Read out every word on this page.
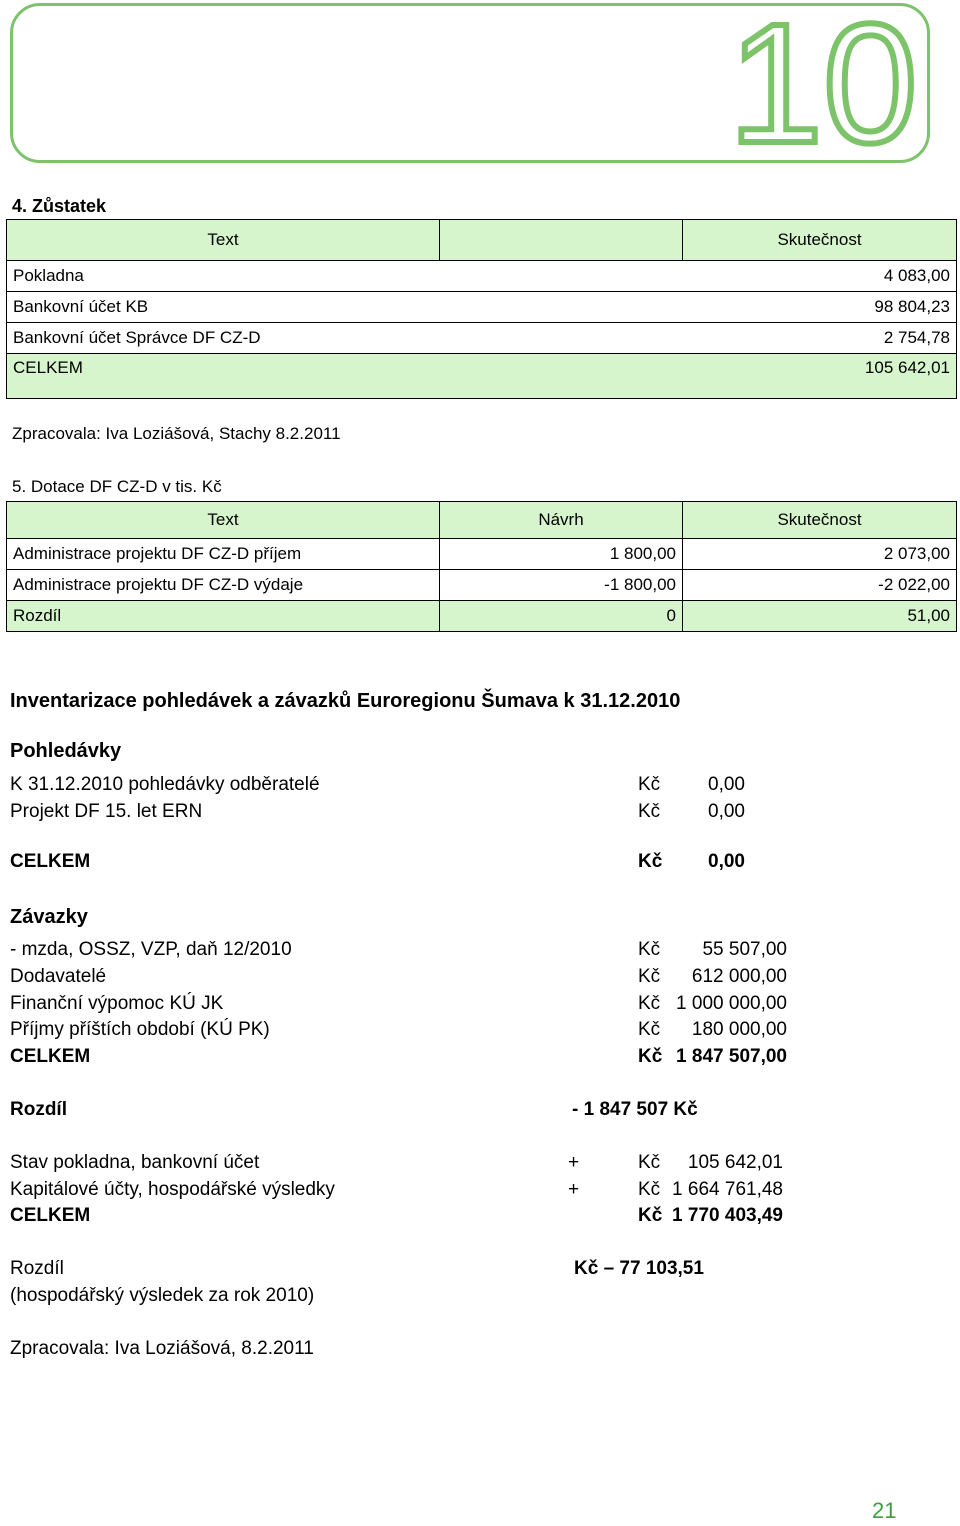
10
4. Zůstatek
Text		Skutečnost
Pokladna		4 083,00
Bankovní účet KB		98 804,23
Bankovní účet Správce DF CZ-D		2 754,78
CELKEM		105 642,01
Zpracovala: Iva Loziášová, Stachy 8.2.2011
5. Dotace DF CZ-D v tis. Kč
Text	Návrh	Skutečnost
Administrace projektu DF CZ-D příjem	1 800,00	2 073,00
Administrace projektu DF CZ-D výdaje	-1 800,00	-2 022,00
Rozdíl	0	51,00
Inventarizace pohledávek a závazků Euroregionu Šumava k 31.12.2010
Pohledávky
K 31.12.2010 pohledávky odběratelé	Kč	0,00
Projekt DF 15. let ERN	Kč	0,00
CELKEM	Kč 0,00
Závazky
- mzda, OSSZ, VZP, daň 12/2010	Kč	55 507,00
Dodavatelé	Kč	612 000,00
Finanční výpomoc KÚ JK	Kč 1 000 000,00
Příjmy příštích období (KÚ PK)	Kč	180 000,00
CELKEM	Kč 1 847 507,00
Rozdíl	- 1 847 507 Kč
Stav pokladna, bankovní účet	+	Kč	105 642,01
Kapitálové účty, hospodářské výsledky	+	Kč 1 664 761,48
CELKEM	Kč 1 770 403,49
Rozdíl
(hospodářský výsledek za rok 2010)
Kč – 77 103,51
Zpracovala: Iva Loziášová, 8.2.2011
21
